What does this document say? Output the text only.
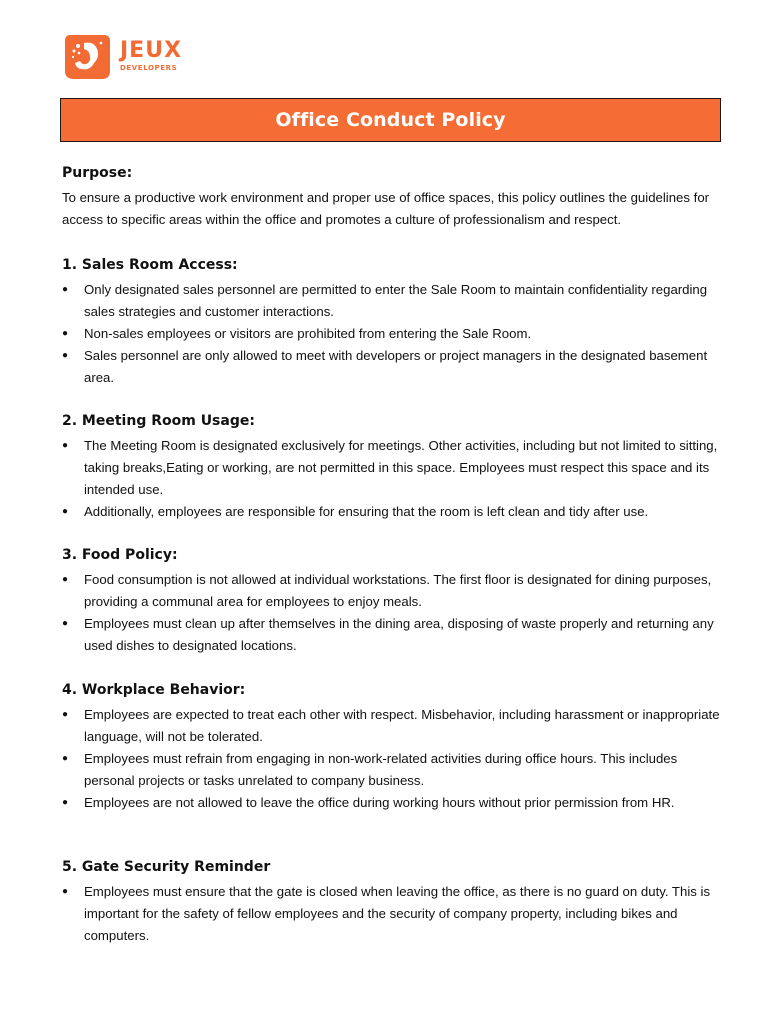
JEUX
DEVELOPERS
Office Conduct Policy
Purpose:

To ensure a productive work environment and proper use of office spaces, this policy outlines the guidelines for access to specific areas within the office and promotes a culture of professionalism and respect.

1. Sales Room Access:
● Only designated sales personnel are permitted to enter the Sale Room to maintain confidentiality regarding sales strategies and customer interactions.
● Non-sales employees or visitors are prohibited from entering the Sale Room.
● Sales personnel are only allowed to meet with developers or project managers in the designated basement area.
2. Meeting Room Usage:
● The Meeting Room is designated exclusively for meetings. Other activities, including but not limited to sitting, taking breaks,Eating or working, are not permitted in this space. Employees must respect this space and its intended use.
● Additionally, employees are responsible for ensuring that the room is left clean and tidy after use.
3. Food Policy:
● Food consumption is not allowed at individual workstations. The first floor is designated for dining purposes, providing a communal area for employees to enjoy meals.
● Employees must clean up after themselves in the dining area, disposing of waste properly and returning any used dishes to designated locations.
4. Workplace Behavior:
● Employees are expected to treat each other with respect. Misbehavior, including harassment or inappropriate language, will not be tolerated.
● Employees must refrain from engaging in non-work-related activities during office hours. This includes personal projects or tasks unrelated to company business.
● Employees are not allowed to leave the office during working hours without prior permission from HR.
5. Gate Security Reminder
● Employees must ensure that the gate is closed when leaving the office, as there is no guard on duty. This is important for the safety of fellow employees and the security of company property, including bikes and computers.
